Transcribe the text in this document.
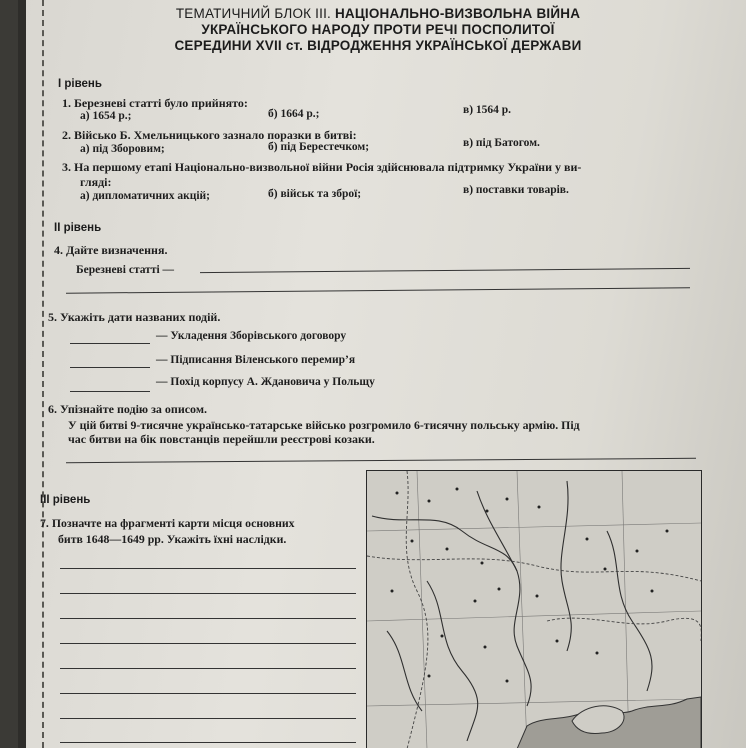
ТЕМАТИЧНИЙ БЛОК ІІІ. НАЦІОНАЛЬНО-ВИЗВОЛЬНА ВІЙНА
УКРАЇНСЬКОГО НАРОДУ ПРОТИ РЕЧІ ПОСПОЛИТОЇ
СЕРЕДИНИ XVII ст. ВІДРОДЖЕННЯ УКРАЇНСЬКОЇ ДЕРЖАВИ
І рівень
1. Березневі статті було прийнято:
а) 1654 р.;	б) 1664 р.;	в) 1564 р.
2. Військо Б. Хмельницького зазнало поразки в битві:
а) під Зборовим;	б) під Берестечком;	в) під Батогом.
3. На першому етапі Національно-визвольної війни Росія здійснювала підтримку України у ви-
гляді:
а) дипломатичних акцій;	б) військ та зброї;	в) поставки товарів.
ІІ рівень
4. Дайте визначення.
Березневі статті —
5. Укажіть дати названих подій.
— Укладення Зборівського договору
— Підписання Віленського перемир’я
— Похід корпусу А. Ждановича у Польщу
6. Упізнайте подію за описом.
У цій битві 9-тисячне українсько-татарське військо розгромило 6-тисячну польську армію. Під
час битви на бік повстанців перейшли реєстрові козаки.
ІІІ рівень
7. Позначте на фрагменті карти місця основних
битв 1648—1649 рр. Укажіть їхні наслідки.
